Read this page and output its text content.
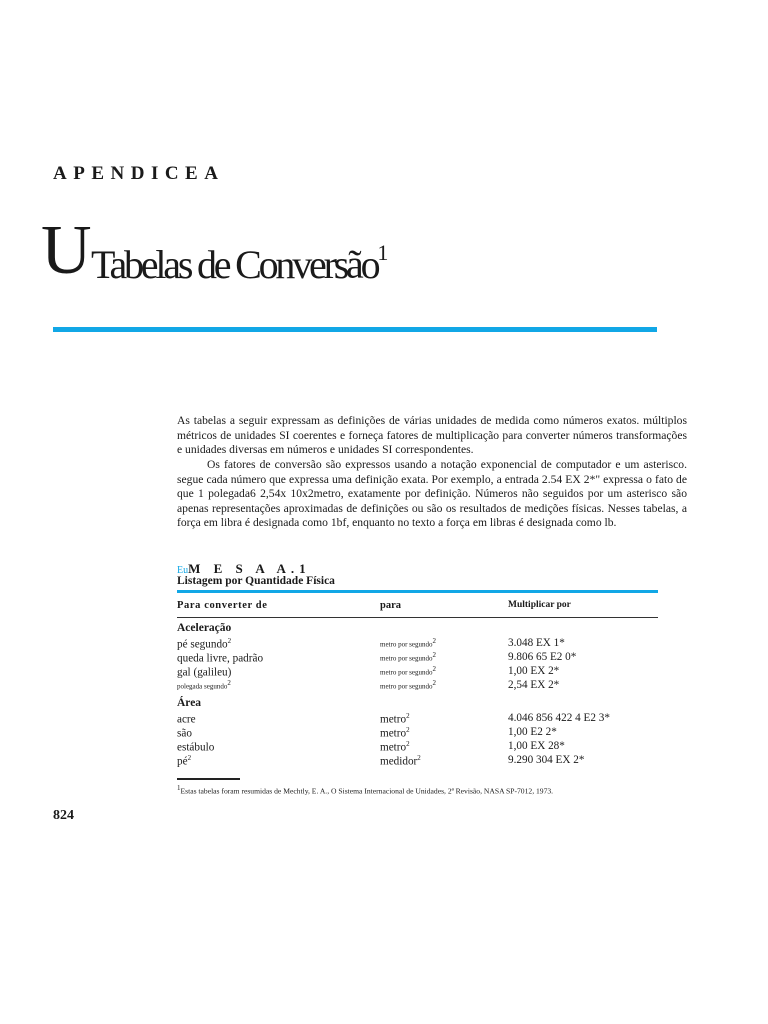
APENDICEA
U Tabelas de Conversão$^1$
As tabelas a seguir expressam as definições de várias unidades de medida como números exatos. múltiplos métricos de unidades SI coerentes e forneça fatores de multiplicação para converter números transformações e unidades diversas em números e unidades SI correspondentes.
Os fatores de conversão são expressos usando a notação exponencial de computador e um asterisco. segue cada número que expressa uma definição exata. Por exemplo, a entrada 2.54 EX 2*" expressa o fato de que 1 polegada6 2,54x 10x2metro, exatamente por definição. Números não seguidos por um asterisco são apenas representações aproximadas de definições ou são os resultados de medições físicas. Nesses tabelas, a força em libra é designada como 1bf, enquanto no texto a força em libras é designada como lb.
EuM E S A A.1
Listagem por Quantidade Física
Para converter de	para	Multiplicar por
Aceleração
pé segundo$^2$	metro por segundo$^2$	3.048 EX 1*
queda livre, padrão	metro por segundo$^2$	9.806 65 E2 0*
gal (galileu)	metro por segundo$^2$	1,00 EX 2*
polegada segundo$^2$	metro por segundo$^2$	2,54 EX 2*
Área
acre	metro$^2$	4.046 856 422 4 E2 3*
são	metro$^2$	1,00 E2 2*
estábulo	metro$^2$	1,00 EX 28*
$pé^2$	medidor$^2$	9.290 304 EX 2*
$^1$Estas tabelas foram resumidas de Mechtly, E. A., O Sistema Internacional de Unidades, 2ª Revisão, NASA SP-7012, 1973.
824
